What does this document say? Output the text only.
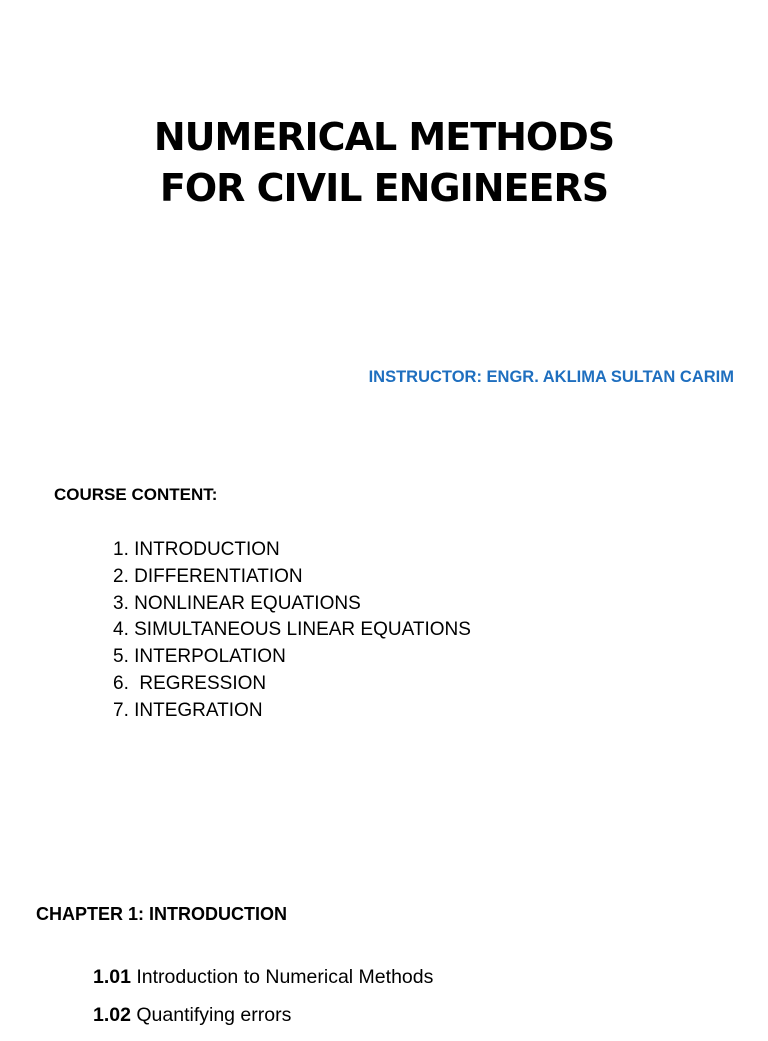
NUMERICAL METHODS
FOR CIVIL ENGINEERS
INSTRUCTOR: ENGR. AKLIMA SULTAN CARIM
COURSE CONTENT:
1. INTRODUCTION
2. DIFFERENTIATION
3. NONLINEAR EQUATIONS
4. SIMULTANEOUS LINEAR EQUATIONS
5. INTERPOLATION
6.  REGRESSION
7. INTEGRATION
CHAPTER 1: INTRODUCTION
1.01 Introduction to Numerical Methods
1.02 Quantifying errors
